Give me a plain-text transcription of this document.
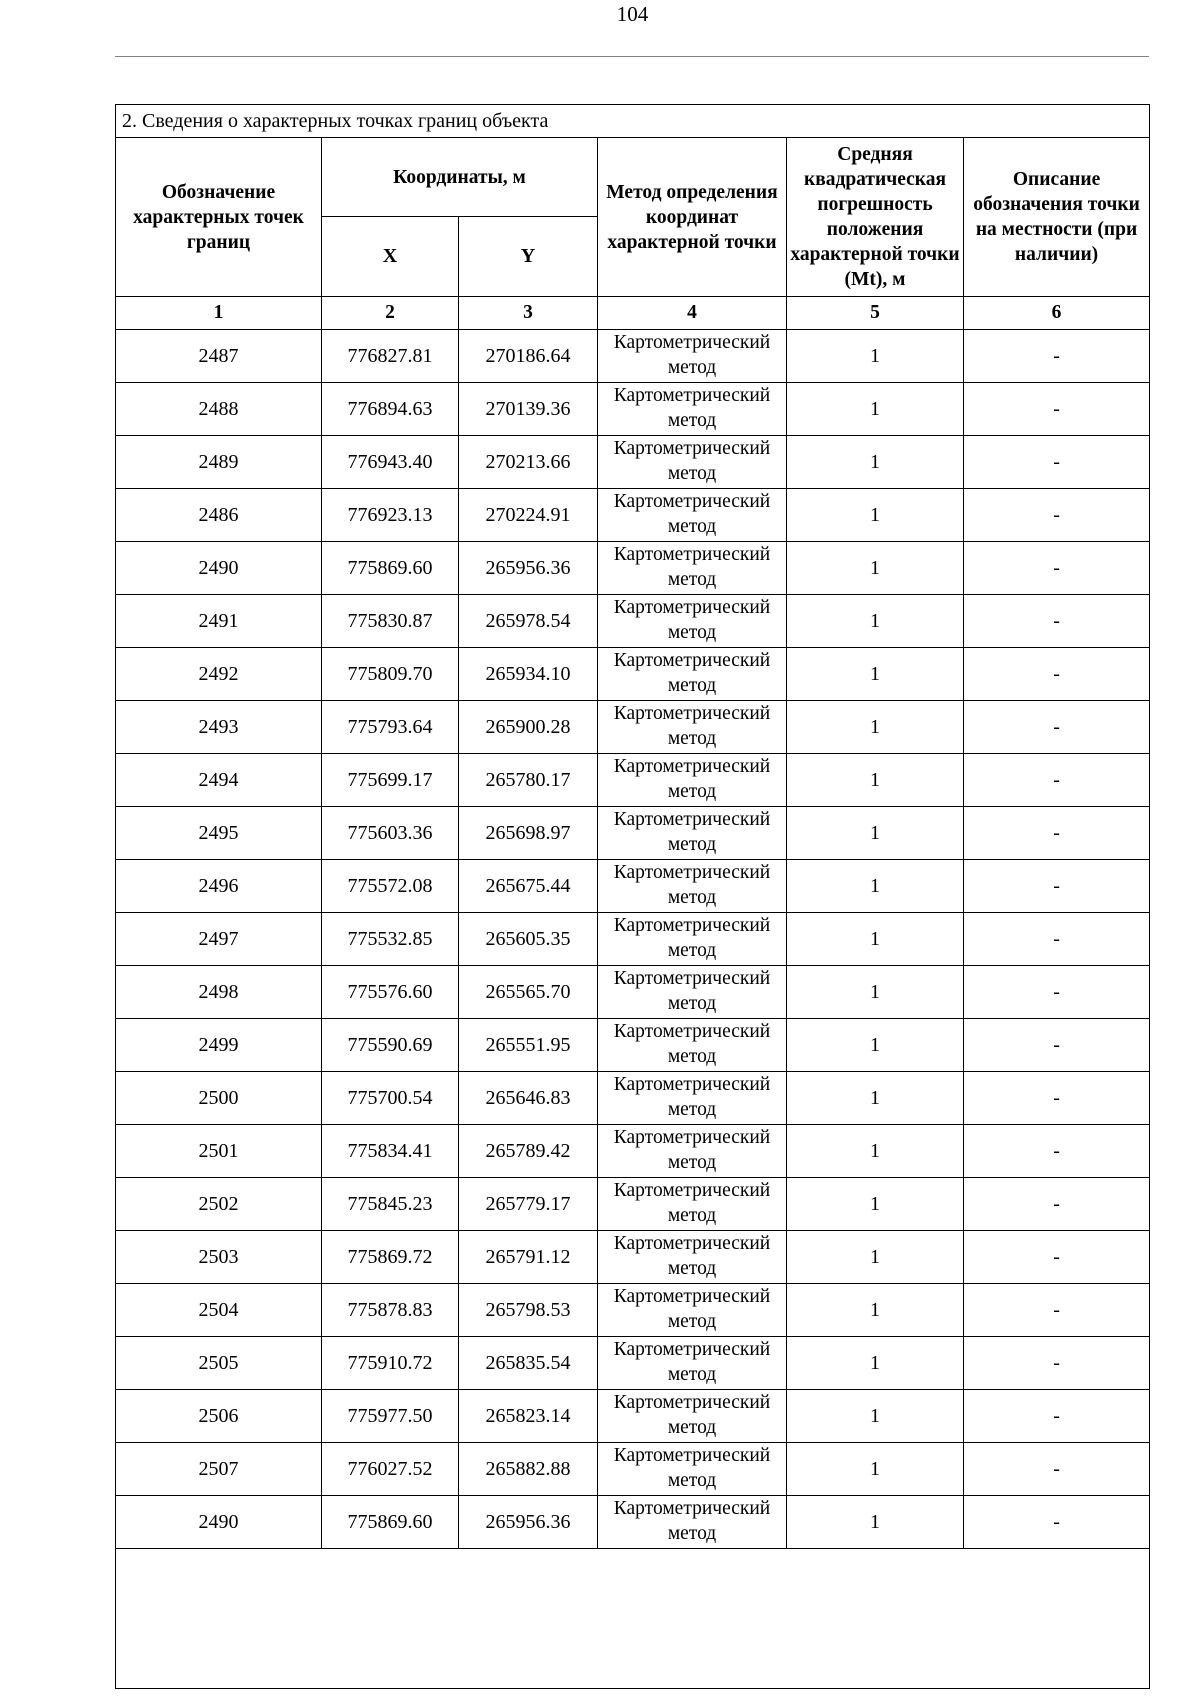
104
2. Сведения о характерных точках границ объекта					
Обозначение характерных точек границ	Координаты, м		Метод определения координат характерной точки	Средняя квадратическая погрешность положения характерной точки (Mt), м	Описание обозначения точки на местности (при наличии)
	X	Y			
1	2	3	4	5	6
2487	776827.81	270186.64	Картометрический метод	1	-
2488	776894.63	270139.36	Картометрический метод	1	-
2489	776943.40	270213.66	Картометрический метод	1	-
2486	776923.13	270224.91	Картометрический метод	1	-
2490	775869.60	265956.36	Картометрический метод	1	-
2491	775830.87	265978.54	Картометрический метод	1	-
2492	775809.70	265934.10	Картометрический метод	1	-
2493	775793.64	265900.28	Картометрический метод	1	-
2494	775699.17	265780.17	Картометрический метод	1	-
2495	775603.36	265698.97	Картометрический метод	1	-
2496	775572.08	265675.44	Картометрический метод	1	-
2497	775532.85	265605.35	Картометрический метод	1	-
2498	775576.60	265565.70	Картометрический метод	1	-
2499	775590.69	265551.95	Картометрический метод	1	-
2500	775700.54	265646.83	Картометрический метод	1	-
2501	775834.41	265789.42	Картометрический метод	1	-
2502	775845.23	265779.17	Картометрический метод	1	-
2503	775869.72	265791.12	Картометрический метод	1	-
2504	775878.83	265798.53	Картометрический метод	1	-
2505	775910.72	265835.54	Картометрический метод	1	-
2506	775977.50	265823.14	Картометрический метод	1	-
2507	776027.52	265882.88	Картометрический метод	1	-
2490	775869.60	265956.36	Картометрический метод	1	-
